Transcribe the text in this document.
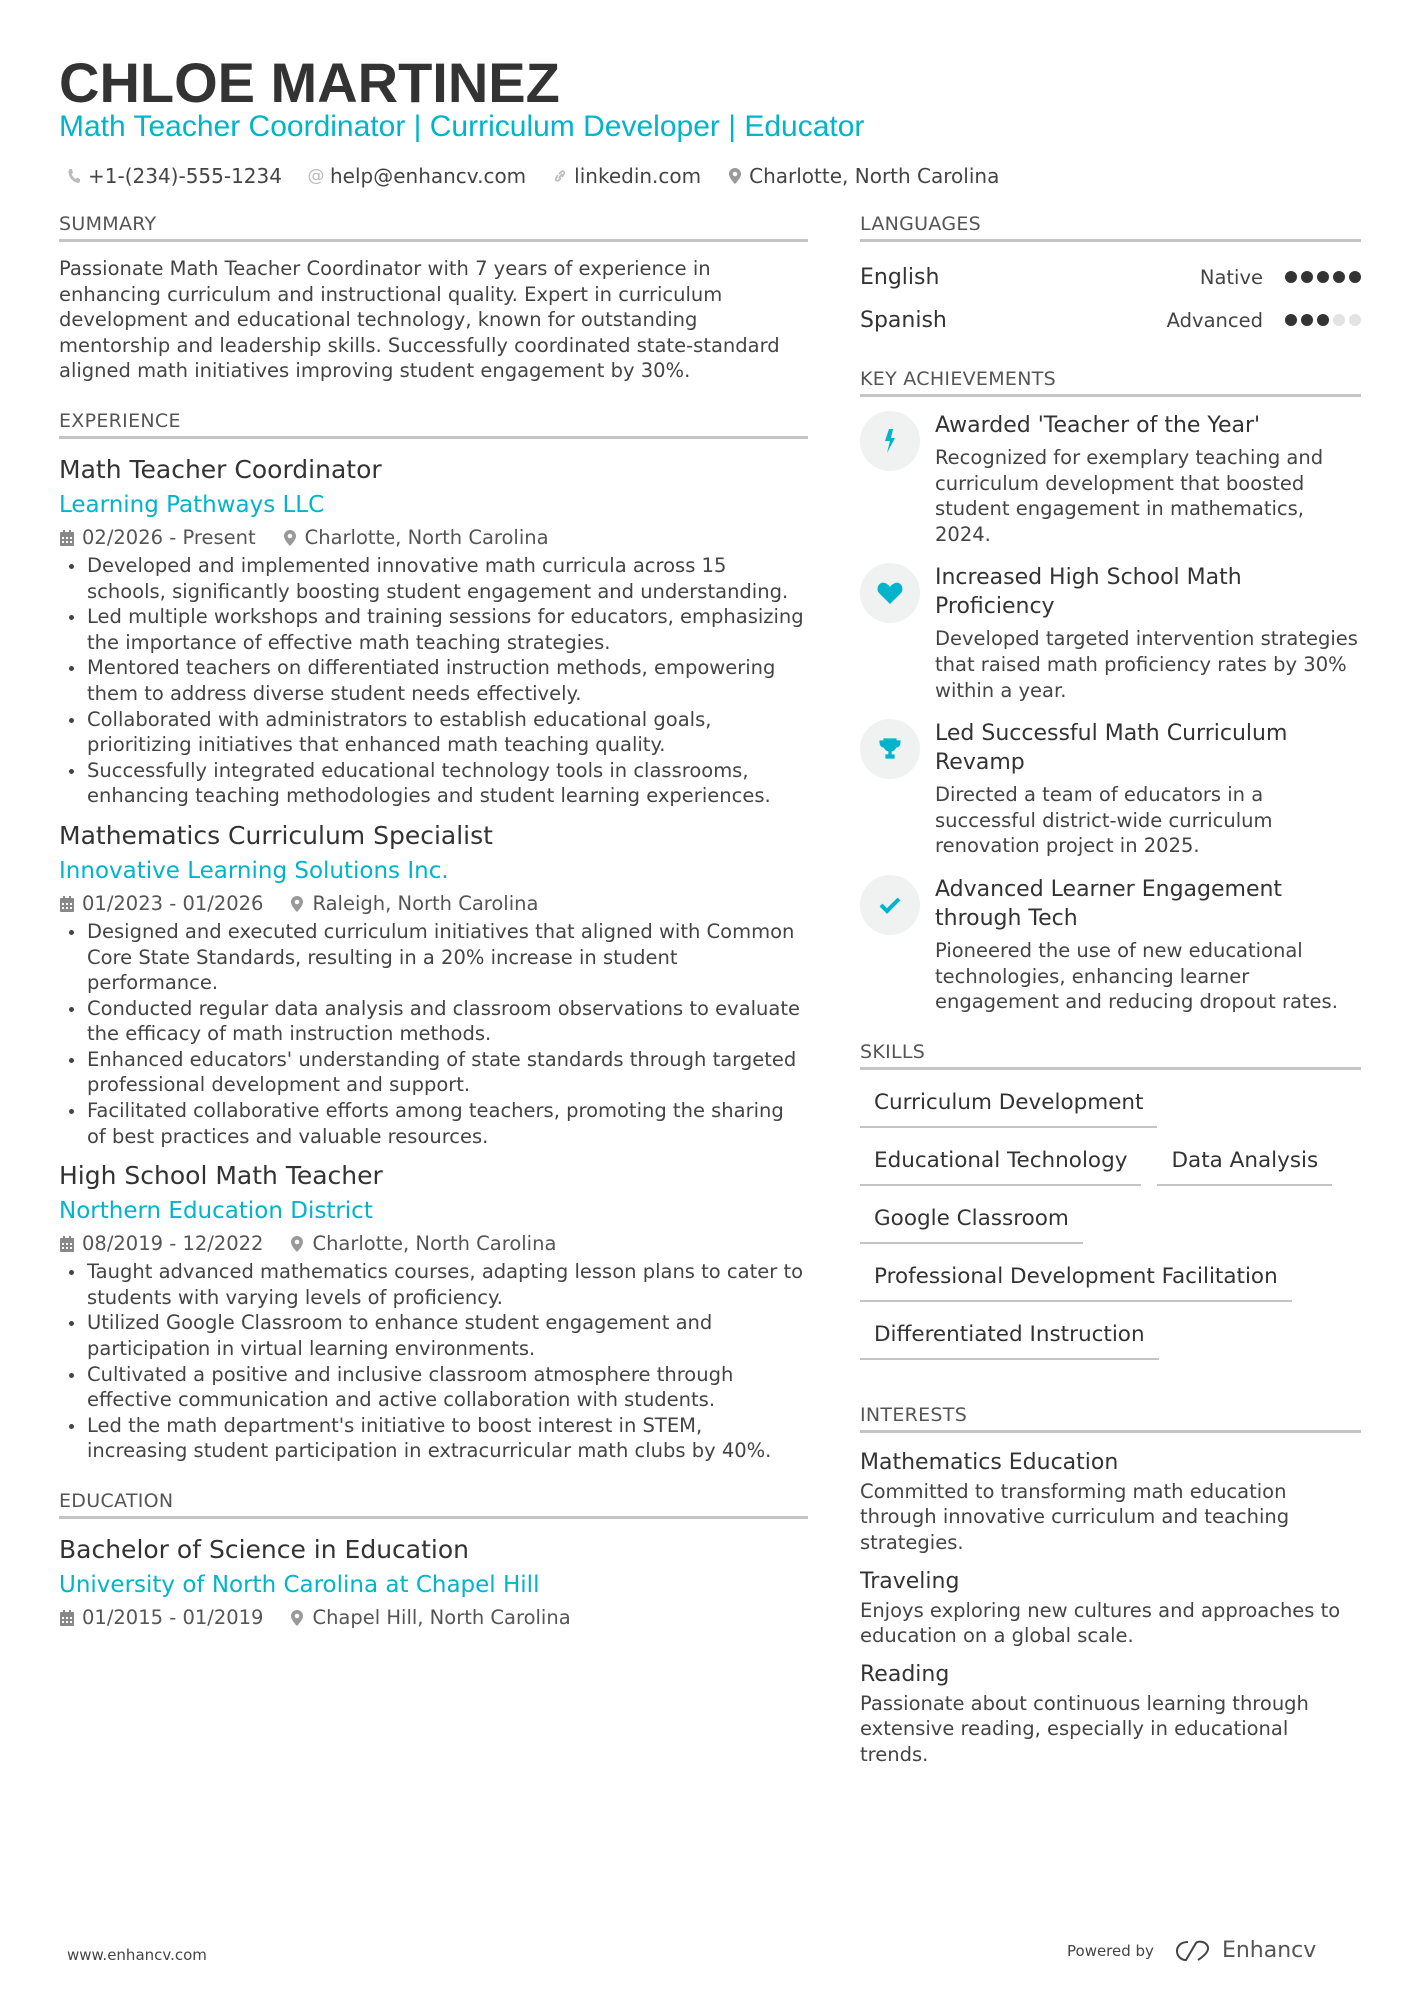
CHLOE MARTINEZ
Math Teacher Coordinator | Curriculum Developer | Educator
+1-(234)-555-1234 @ help@enhancv.com linkedin.com Charlotte, North Carolina
SUMMARY
Passionate Math Teacher Coordinator with 7 years of experience in enhancing curriculum and instructional quality. Expert in curriculum development and educational technology, known for outstanding mentorship and leadership skills. Successfully coordinated state-standard aligned math initiatives improving student engagement by 30%.
EXPERIENCE
Math Teacher Coordinator
Learning Pathways LLC
02/2026 - Present	Charlotte, North Carolina
Developed and implemented innovative math curricula across 15 schools, significantly boosting student engagement and understanding.
Led multiple workshops and training sessions for educators, emphasizing the importance of effective math teaching strategies.
Mentored teachers on differentiated instruction methods, empowering them to address diverse student needs effectively.
Collaborated with administrators to establish educational goals, prioritizing initiatives that enhanced math teaching quality.
Successfully integrated educational technology tools in classrooms, enhancing teaching methodologies and student learning experiences.
Mathematics Curriculum Specialist
Innovative Learning Solutions Inc.
01/2023 - 01/2026	Raleigh, North Carolina
Designed and executed curriculum initiatives that aligned with Common Core State Standards, resulting in a 20% increase in student performance.
Conducted regular data analysis and classroom observations to evaluate the efficacy of math instruction methods.
Enhanced educators' understanding of state standards through targeted professional development and support.
Facilitated collaborative efforts among teachers, promoting the sharing of best practices and valuable resources.
High School Math Teacher
Northern Education District
08/2019 - 12/2022	Charlotte, North Carolina
Taught advanced mathematics courses, adapting lesson plans to cater to students with varying levels of proficiency.
Utilized Google Classroom to enhance student engagement and participation in virtual learning environments.
Cultivated a positive and inclusive classroom atmosphere through effective communication and active collaboration with students.
Led the math department's initiative to boost interest in STEM, increasing student participation in extracurricular math clubs by 40%.
EDUCATION
Bachelor of Science in Education
University of North Carolina at Chapel Hill
01/2015 - 01/2019	Chapel Hill, North Carolina
LANGUAGES
English	Native
Spanish	Advanced
KEY ACHIEVEMENTS
Awarded 'Teacher of the Year'
Recognized for exemplary teaching and curriculum development that boosted student engagement in mathematics, 2024.
Increased High School Math Proficiency
Developed targeted intervention strategies that raised math proficiency rates by 30% within a year.
Led Successful Math Curriculum Revamp
Directed a team of educators in a successful district-wide curriculum renovation project in 2025.
Advanced Learner Engagement through Tech
Pioneered the use of new educational technologies, enhancing learner engagement and reducing dropout rates.
SKILLS
Curriculum Development
Educational Technology	Data Analysis
Google Classroom
Professional Development Facilitation
Differentiated Instruction
INTERESTS
Mathematics Education
Committed to transforming math education through innovative curriculum and teaching strategies.
Traveling
Enjoys exploring new cultures and approaches to education on a global scale.
Reading
Passionate about continuous learning through extensive reading, especially in educational trends.
www.enhancv.com	Powered by	Enhancv
